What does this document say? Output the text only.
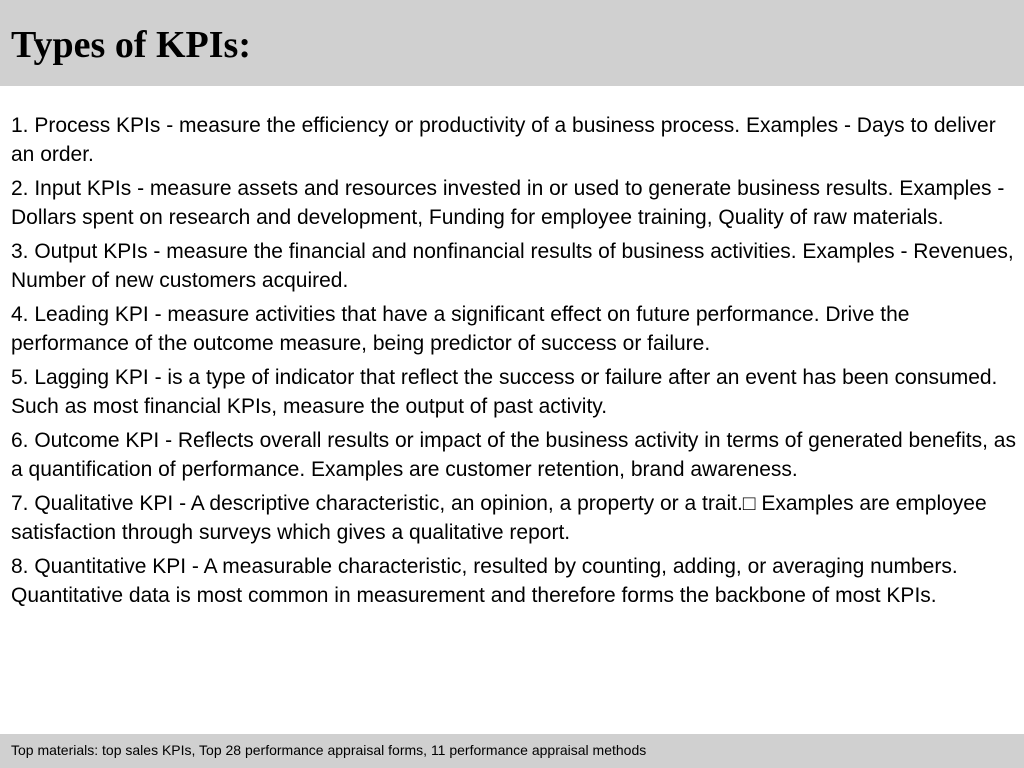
Types of KPIs:

1. Process KPIs - measure the efficiency or productivity of a business process. Examples - Days to deliver an order.

2. Input KPIs - measure assets and resources invested in or used to generate business results. Examples - Dollars spent on research and development, Funding for employee training, Quality of raw materials.

3. Output KPIs - measure the financial and nonfinancial results of business activities. Examples - Revenues, Number of new customers acquired.

4. Leading KPI - measure activities that have a significant effect on future performance. Drive the performance of the outcome measure, being predictor of success or failure.

5. Lagging KPI - is a type of indicator that reflect the success or failure after an event has been consumed. Such as most financial KPIs, measure the output of past activity.

6. Outcome KPI - Reflects overall results or impact of the business activity in terms of generated benefits, as a quantification of performance. Examples are customer retention, brand awareness.

7. Qualitative KPI - A descriptive characteristic, an opinion, a property or a trait.□ Examples are employee satisfaction through surveys which gives a qualitative report.

8. Quantitative KPI - A measurable characteristic, resulted by counting, adding, or averaging numbers. Quantitative data is most common in measurement and therefore forms the backbone of most KPIs.

Top materials: top sales KPIs, Top 28 performance appraisal forms, 11 performance appraisal methods
